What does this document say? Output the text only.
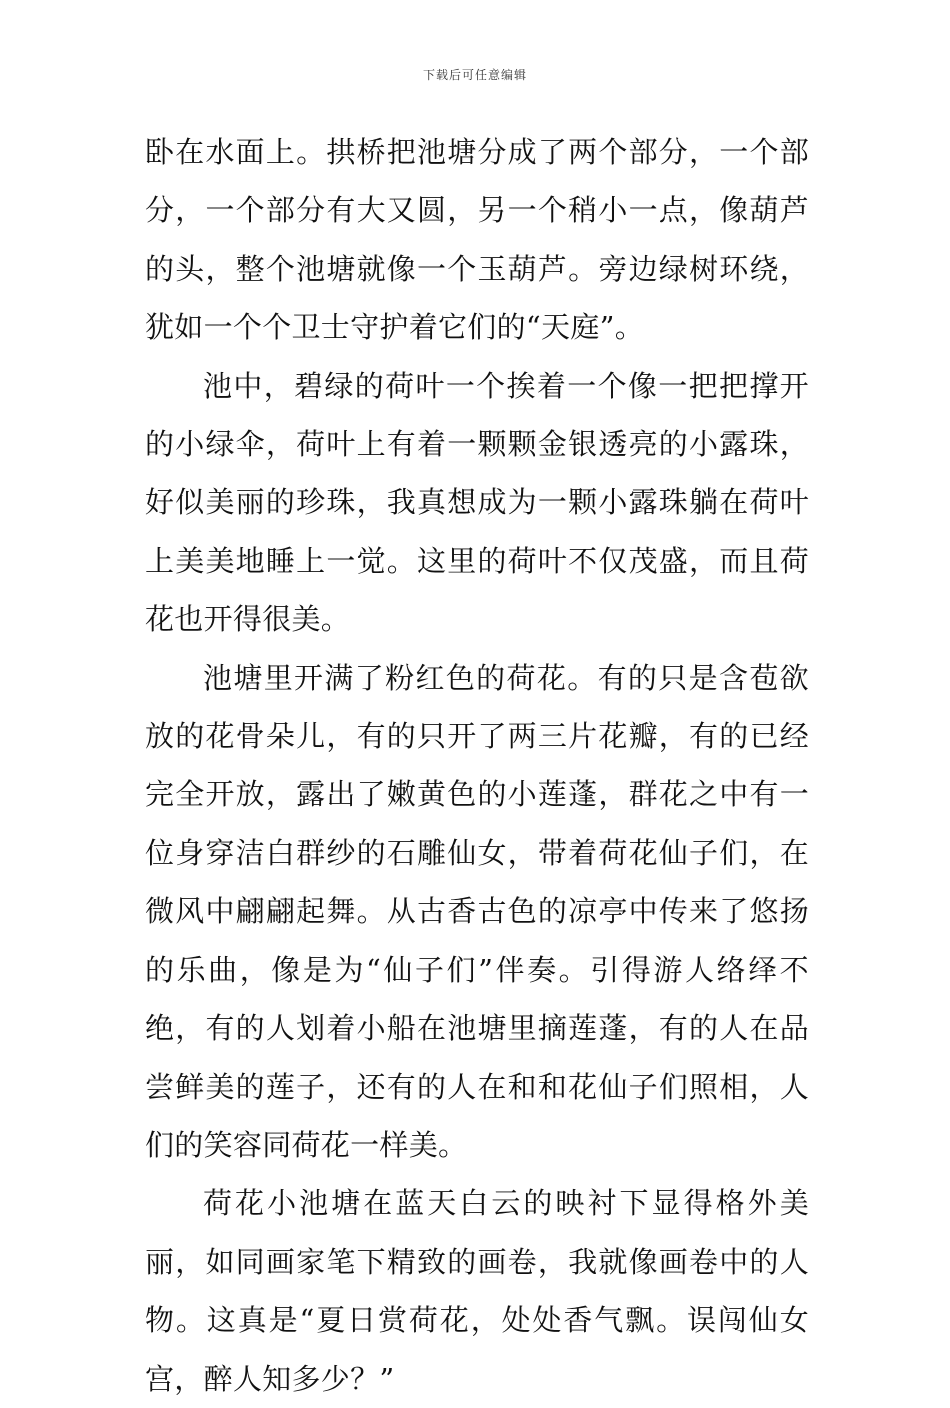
下载后可任意编辑

卧在水面上。拱桥把池塘分成了两个部分，一个部分，一个部分有大又圆，另一个稍小一点，像葫芦的头，整个池塘就像一个玉葫芦。旁边绿树环绕，犹如一个个卫士守护着它们的“天庭”。

池中，碧绿的荷叶一个挨着一个像一把把撑开的小绿伞，荷叶上有着一颗颗金银透亮的小露珠，好似美丽的珍珠，我真想成为一颗小露珠躺在荷叶上美美地睡上一觉。这里的荷叶不仅茂盛，而且荷花也开得很美。

池塘里开满了粉红色的荷花。有的只是含苞欲放的花骨朵儿，有的只开了两三片花瓣，有的已经完全开放，露出了嫩黄色的小莲蓬，群花之中有一位身穿洁白群纱的石雕仙女，带着荷花仙子们，在微风中翩翩起舞。从古香古色的凉亭中传来了悠扬的乐曲，像是为“仙子们”伴奏。引得游人络绎不绝，有的人划着小船在池塘里摘莲蓬，有的人在品尝鲜美的莲子，还有的人在和和花仙子们照相，人们的笑容同荷花一样美。

荷花小池塘在蓝天白云的映衬下显得格外美丽，如同画家笔下精致的画卷，我就像画卷中的人物。这真是“夏日赏荷花，处处香气飘。误闯仙女宫，醉人知多少？”
